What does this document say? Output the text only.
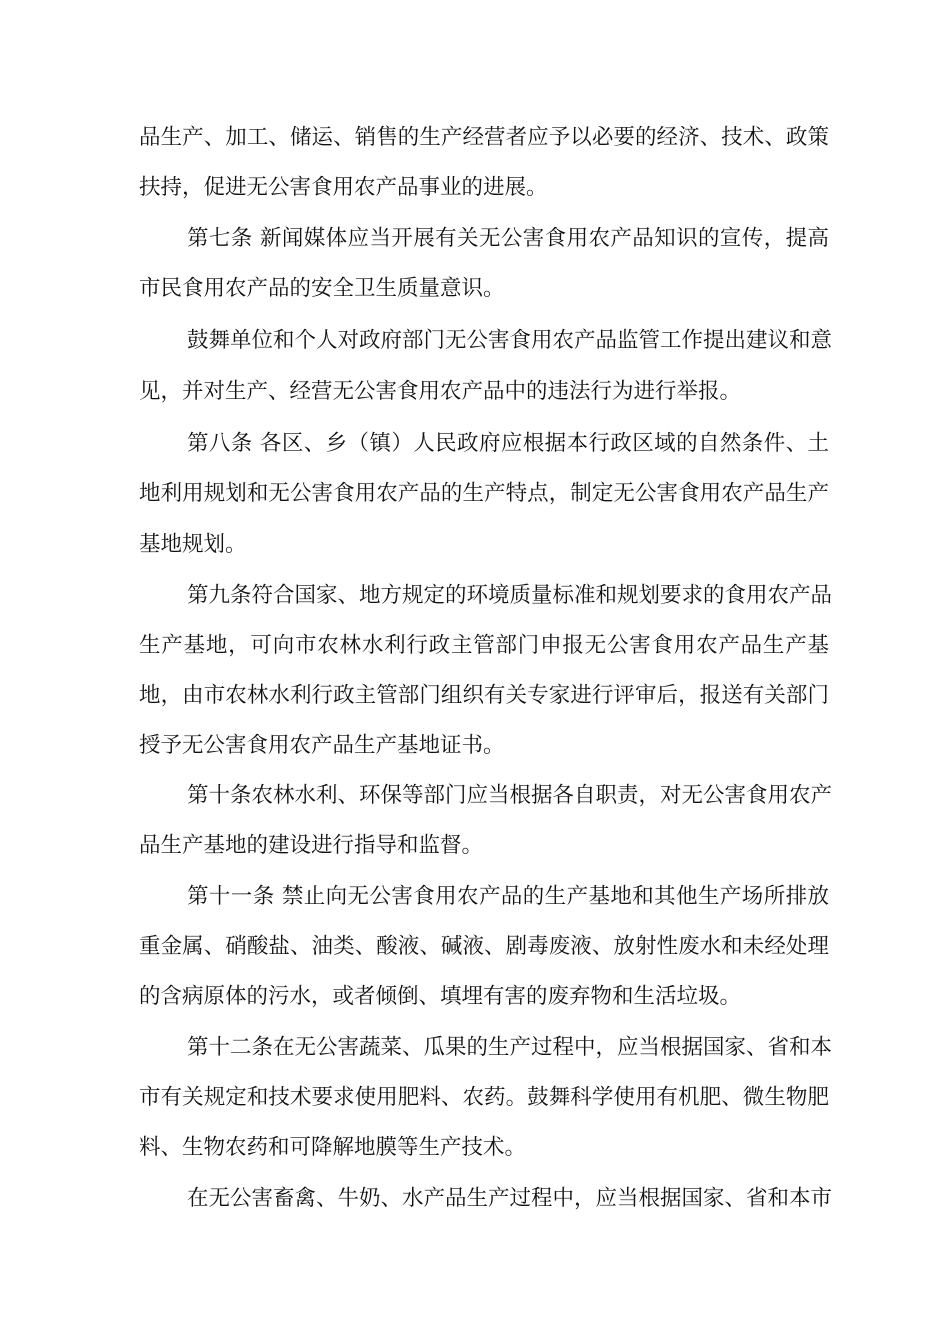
品生产、加工、储运、销售的生产经营者应予以必要的经济、技术、政策
扶持，促进无公害食用农产品事业的进展。
第七条 新闻媒体应当开展有关无公害食用农产品知识的宣传，提高
市民食用农产品的安全卫生质量意识。
鼓舞单位和个人对政府部门无公害食用农产品监管工作提出建议和意
见，并对生产、经营无公害食用农产品中的违法行为进行举报。
第八条 各区、乡（镇）人民政府应根据本行政区域的自然条件、土
地利用规划和无公害食用农产品的生产特点，制定无公害食用农产品生产
基地规划。
第九条符合国家、地方规定的环境质量标准和规划要求的食用农产品
生产基地，可向市农林水利行政主管部门申报无公害食用农产品生产基
地，由市农林水利行政主管部门组织有关专家进行评审后，报送有关部门
授予无公害食用农产品生产基地证书。
第十条农林水利、环保等部门应当根据各自职责，对无公害食用农产
品生产基地的建设进行指导和监督。
第十一条 禁止向无公害食用农产品的生产基地和其他生产场所排放
重金属、硝酸盐、油类、酸液、碱液、剧毒废液、放射性废水和未经处理
的含病原体的污水，或者倾倒、填埋有害的废弃物和生活垃圾。
第十二条在无公害蔬菜、瓜果的生产过程中，应当根据国家、省和本
市有关规定和技术要求使用肥料、农药。鼓舞科学使用有机肥、微生物肥
料、生物农药和可降解地膜等生产技术。
在无公害畜禽、牛奶、水产品生产过程中，应当根据国家、省和本市
